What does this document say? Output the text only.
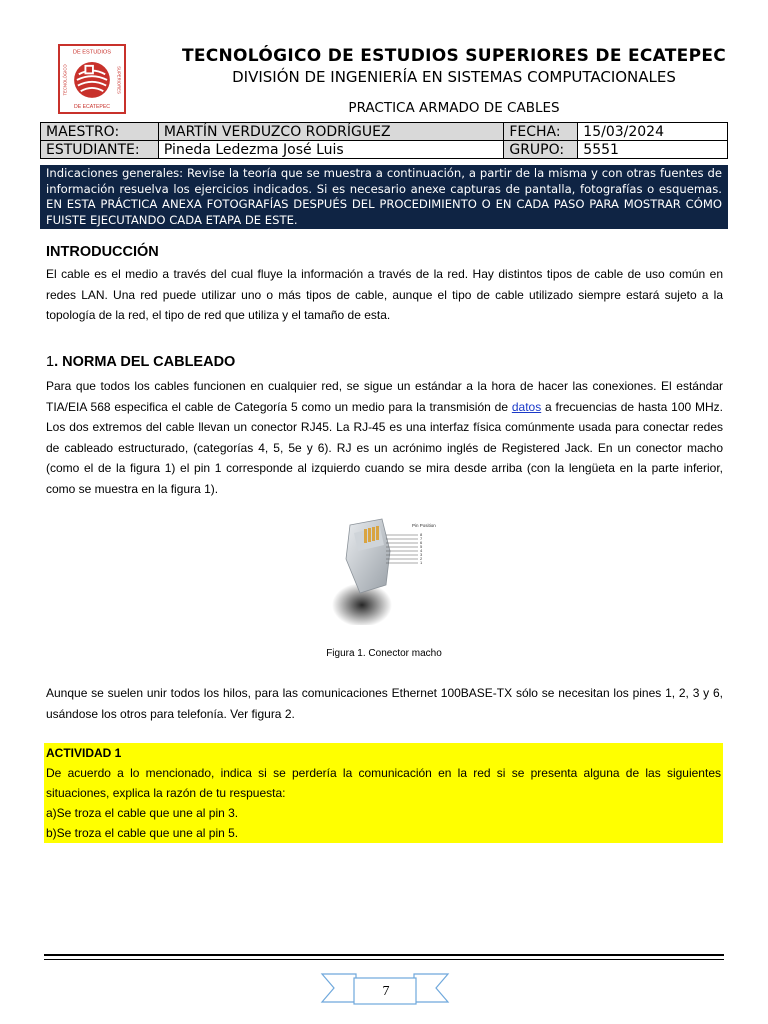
DE ESTUDIOS
DE ECATEPEC
TECNOLÓGICO	SUPERIORES
TECNOLÓGICO DE ESTUDIOS SUPERIORES DE ECATEPEC
DIVISIÓN DE INGENIERÍA EN SISTEMAS COMPUTACIONALES
PRACTICA ARMADO DE CABLES
MAESTRO:	MARTÍN VERDUZCO RODRÍGUEZ	FECHA:	15/03/2024
ESTUDIANTE:	Pineda Ledezma José Luis	GRUPO:	5551
Indicaciones generales: Revise la teoría que se muestra a continuación, a partir de la misma y con otras fuentes de información resuelva los ejercicios indicados. Si es necesario anexe capturas de pantalla, fotografías o esquemas. EN ESTA PRÁCTICA ANEXA FOTOGRAFÍAS DESPUÉS DEL PROCEDIMIENTO O EN CADA PASO PARA MOSTRAR CÓMO FUISTE EJECUTANDO CADA ETAPA DE ESTE.
INTRODUCCIÓN
El cable es el medio a través del cual fluye la información a través de la red. Hay distintos tipos de cable de uso común en redes LAN. Una red puede utilizar uno o más tipos de cable, aunque el tipo de cable utilizado siempre estará sujeto a la topología de la red, el tipo de red que utiliza y el tamaño de esta.
1. NORMA DEL CABLEADO
Para que todos los cables funcionen en cualquier red, se sigue un estándar a la hora de hacer las conexiones. El estándar TIA/EIA 568 especifica el cable de Categoría 5 como un medio para la transmisión de datos a frecuencias de hasta 100 MHz. Los dos extremos del cable llevan un conector RJ45. La RJ-45 es una interfaz física comúnmente usada para conectar redes de cableado estructurado, (categorías 4, 5, 5e y 6). RJ es un acrónimo inglés de Registered Jack. En un conector macho (como el de la figura 1) el pin 1 corresponde al izquierdo cuando se mira desde arriba (con la lengüeta en la parte inferior, como se muestra en la figura 1).
Pin Position
8
7
6
5
4
3
2
1
Figura 1. Conector macho
Aunque se suelen unir todos los hilos, para las comunicaciones Ethernet 100BASE-TX sólo se necesitan los pines 1, 2, 3 y 6, usándose los otros para telefonía. Ver figura 2.
ACTIVIDAD 1
De acuerdo a lo mencionado, indica si se perdería la comunicación en la red si se presenta alguna de las siguientes situaciones, explica la razón de tu respuesta:
a)Se troza el cable que une al pin 3.
b)Se troza el cable que une al pin 5.
7
